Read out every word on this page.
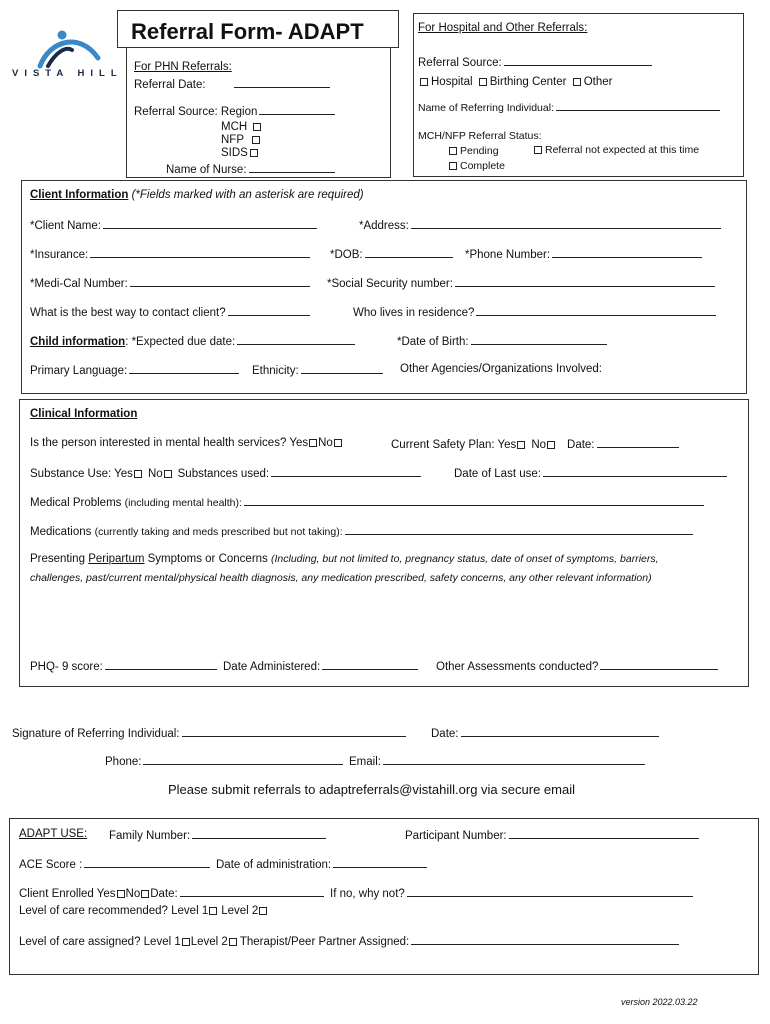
VISTA HILL
Referral Form- ADAPT
For PHN Referrals:
Referral Date:
Referral Source: Region
MCH
NFP
SIDS
Name of Nurse:
For Hospital and Other Referrals:
Referral Source:
Hospital Birthing Center Other
Name of Referring Individual:
MCH/NFP Referral Status:
Pending	Referral not expected at this time
Complete
Client Information (*Fields marked with an asterisk are required)
*Client Name:	*Address:
*Insurance:	*DOB:	*Phone Number:
*Medi-Cal Number:	*Social Security number:
What is the best way to contact client?	Who lives in residence?
Child information: *Expected due date:	*Date of Birth:
Primary Language:	Ethnicity:	Other Agencies/Organizations Involved:
Clinical Information
Is the person interested in mental health services? Yes No	Current Safety Plan: Yes No Date:
Substance Use: Yes No Substances used:	Date of Last use:
Medical Problems (including mental health):
Medications (currently taking and meds prescribed but not taking):
Presenting Peripartum Symptoms or Concerns (Including, but not limited to, pregnancy status, date of onset of symptoms, barriers,
challenges, past/current mental/physical health diagnosis, any medication prescribed, safety concerns, any other relevant information)
PHQ- 9 score:	Date Administered:	Other Assessments conducted?
Signature of Referring Individual:	Date:
Phone:	Email:
Please submit referrals to adaptreferrals@vistahill.org via secure email
ADAPT USE: Family Number:	Participant Number:
ACE Score :	Date of administration:
Client Enrolled Yes No Date:	If no, why not?
Level of care recommended? Level 1 Level 2
Level of care assigned? Level 1 Level 2 Therapist/Peer Partner Assigned:
version 2022.03.22
